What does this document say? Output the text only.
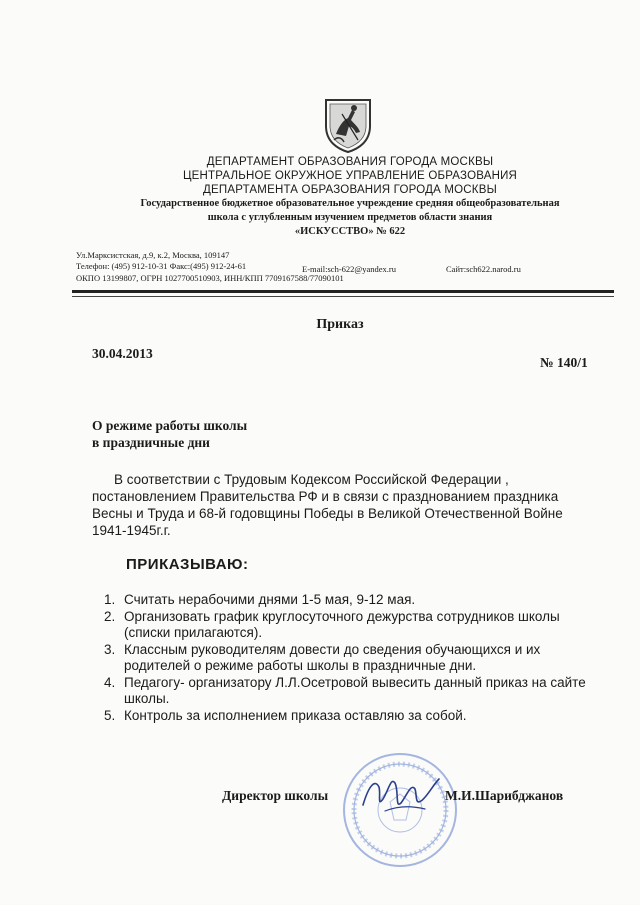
ДЕПАРТАМЕНТ ОБРАЗОВАНИЯ ГОРОДА МОСКВЫ
ЦЕНТРАЛЬНОЕ ОКРУЖНОЕ УПРАВЛЕНИЕ ОБРАЗОВАНИЯ
ДЕПАРТАМЕНТА ОБРАЗОВАНИЯ ГОРОДА МОСКВЫ
Государственное бюджетное образовательное учреждение средняя общеобразовательная
школа с углубленным изучением предметов области знания
«ИСКУССТВО» № 622
Ул.Марксистская, д.9, к.2, Москва, 109147
Телефон: (495) 912-10-31 Факс:(495) 912-24-61	E-mail:sch-622@yandex.ru	Сайт:sch622.narod.ru
ОКПО 13199807, ОГРН 1027700510903, ИНН/КПП 7709167588/77090101
Приказ
30.04.2013
№ 140/1
О режиме работы школы
в праздничные дни
В соответствии с Трудовым Кодексом Российской Федерации ,
постановлением Правительства РФ и в связи с празднованием праздника
Весны и Труда и 68-й годовщины Победы в Великой Отечественной Войне
1941-1945г.г.
ПРИКАЗЫВАЮ:
1. Считать нерабочими днями 1-5 мая, 9-12 мая.
2. Организовать график круглосуточного дежурства сотрудников школы (списки прилагаются).
3. Классным руководителям довести до сведения обучающихся и их родителей о режиме работы школы в праздничные дни.
4. Педагогу- организатору Л.Л.Осетровой вывесить данный приказ на сайте школы.
5. Контроль за исполнением приказа оставляю за собой.
Директор школы	М.И.Шарибджанов
